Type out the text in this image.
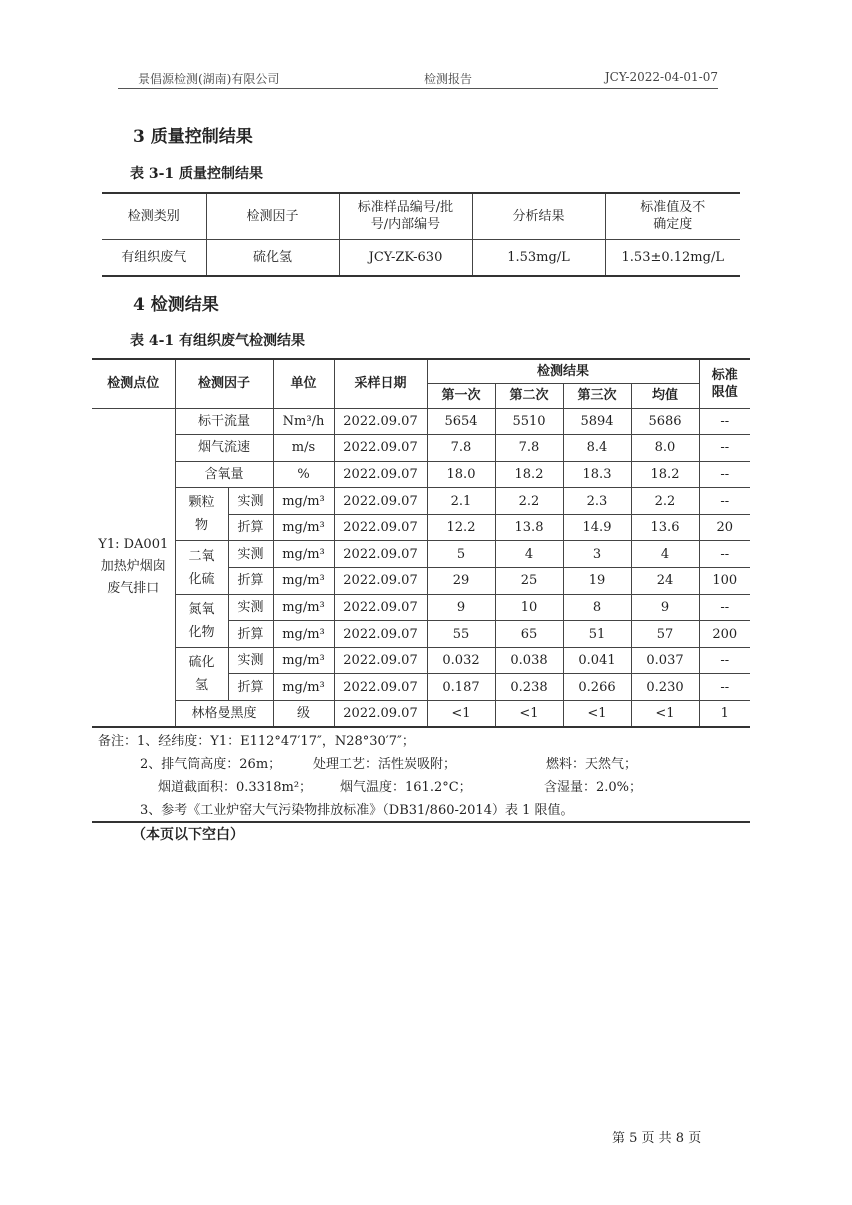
景倡源检测(湖南)有限公司	检测报告	JCY-2022-04-01-07
3 质量控制结果
表 3-1 质量控制结果
检测类别	检测因子	标准样品编号/批号/内部编号	分析结果	标准值及不确定度
有组织废气	硫化氢	JCY-ZK-630	1.53mg/L	1.53±0.12mg/L
4 检测结果
表 4-1 有组织废气检测结果
检测点位	检测因子		单位	采样日期	检测结果				标准限值
					第一次	第二次	第三次	均值	
Y1: DA001加热炉烟囱废气排口	标干流量		Nm³/h	2022.09.07	5654	5510	5894	5686	--
	烟气流速		m/s	2022.09.07	7.8	7.8	8.4	8.0	--
	含氧量		%	2022.09.07	18.0	18.2	18.3	18.2	--
	颗粒物	实测	mg/m³	2022.09.07	2.1	2.2	2.3	2.2	--
		折算	mg/m³	2022.09.07	12.2	13.8	14.9	13.6	20
	二氧化硫	实测	mg/m³	2022.09.07	5	4	3	4	--
		折算	mg/m³	2022.09.07	29	25	19	24	100
	氮氧化物	实测	mg/m³	2022.09.07	9	10	8	9	--
		折算	mg/m³	2022.09.07	55	65	51	57	200
	硫化氢	实测	mg/m³	2022.09.07	0.032	0.038	0.041	0.037	--
		折算	mg/m³	2022.09.07	0.187	0.238	0.266	0.230	--
	林格曼黑度		级	2022.09.07	<1	<1	<1	<1	1
备注：1、经纬度：Y1：E112°47′17″，N28°30′7″；
2、排气筒高度：26m； 处理工艺：活性炭吸附；	燃料：天然气；
烟道截面积：0.3318m²； 烟气温度：161.2°C；	含湿量：2.0%；
3、参考《工业炉窑大气污染物排放标准》（DB31/860-2014）表 1 限值。
（本页以下空白）
第 5 页 共 8 页
